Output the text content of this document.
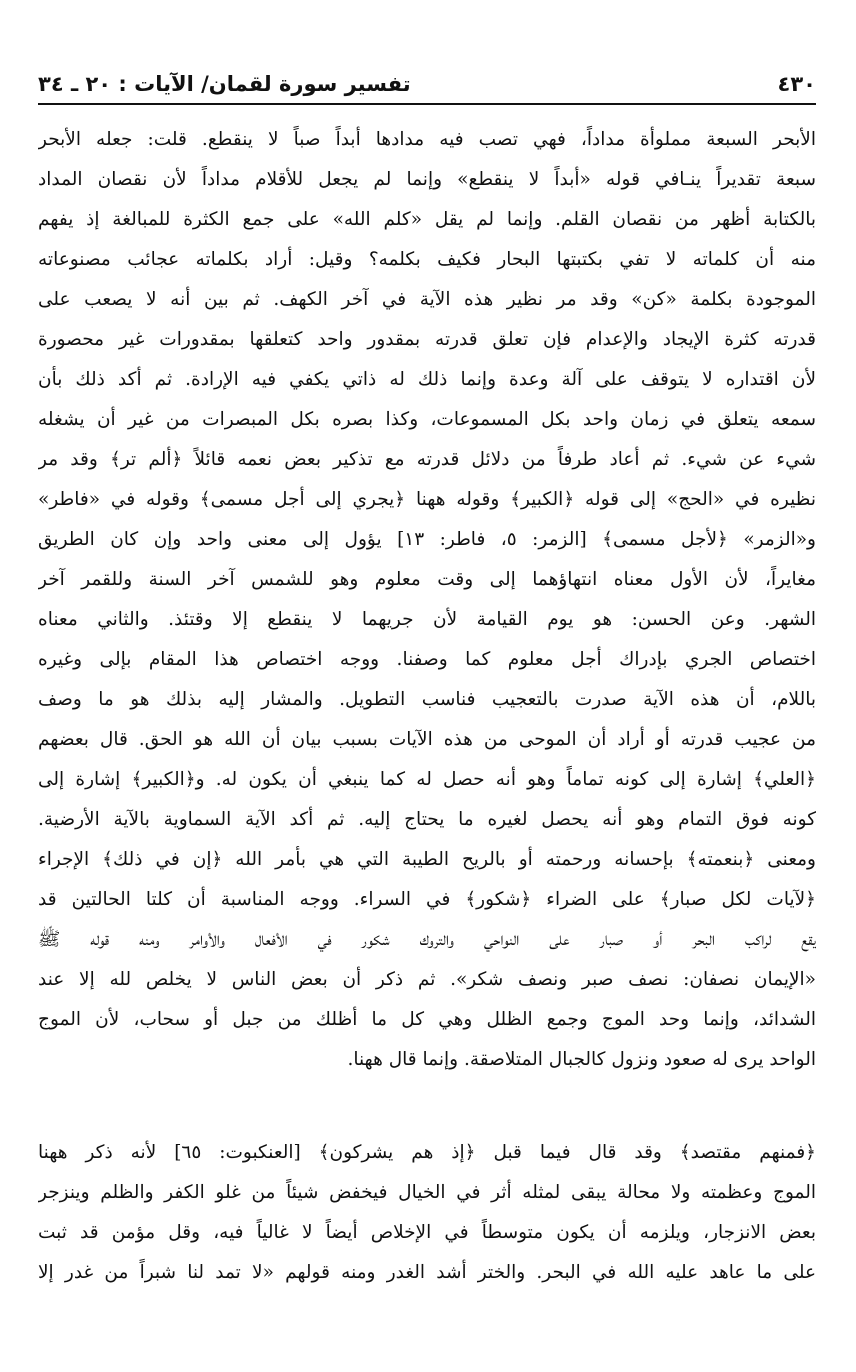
٤٣٠
تفسير سورة لقمان/ الآيات : ٢٠ ـ ٣٤
الأبحر السبعة مملوأة مداداً، فهي تصب فيه مدادها أبداً صباً لا ينقطع. قلت: جعله الأبحر
سبعة تقديراً ينـافي قوله «أبداً لا ينقطع» وإنما لم يجعل للأقلام مداداً لأن نقصان المداد
بالكتابة أظهر من نقصان القلم. وإنما لم يقل «كلم الله» على جمع الكثرة للمبالغة إذ يفهم
منه أن كلماته لا تفي بكتبتها البحار فكيف بكلمه؟ وقيل: أراد بكلماته عجائب مصنوعاته
الموجودة بكلمة «كن» وقد مر نظير هذه الآية في آخر الكهف. ثم بين أنه لا يصعب على
قدرته كثرة الإيجاد والإعدام فإن تعلق قدرته بمقدور واحد كتعلقها بمقدورات غير محصورة
لأن اقتداره لا يتوقف على آلة وعدة وإنما ذلك له ذاتي يكفي فيه الإرادة. ثم أكد ذلك بأن
سمعه يتعلق في زمان واحد بكل المسموعات، وكذا بصره بكل المبصرات من غير أن يشغله
شيء عن شيء. ثم أعاد طرفاً من دلائل قدرته مع تذكير بعض نعمه قائلاً ﴿ألم تر﴾ وقد مر
نظيره في «الحج» إلى قوله ﴿الكبير﴾ وقوله ههنا ﴿يجري إلى أجل مسمى﴾ وقوله في «فاطر»
و«الزمر» ﴿لأجل مسمى﴾ [الزمر: ٥، فاطر: ١٣] يؤول إلى معنى واحد وإن كان الطريق
مغايراً، لأن الأول معناه انتهاؤهما إلى وقت معلوم وهو للشمس آخر السنة وللقمر آخر
الشهر. وعن الحسن: هو يوم القيامة لأن جريهما لا ينقطع إلا وقتئذ. والثاني معناه
اختصاص الجري بإدراك أجل معلوم كما وصفنا. ووجه اختصاص هذا المقام بإلى وغيره
باللام، أن هذه الآية صدرت بالتعجيب فناسب التطويل. والمشار إليه بذلك هو ما وصف
من عجيب قدرته أو أراد أن الموحى من هذه الآيات بسبب بيان أن الله هو الحق. قال بعضهم
﴿العلي﴾ إشارة إلى كونه تماماً وهو أنه حصل له كما ينبغي أن يكون له. و﴿الكبير﴾ إشارة إلى
كونه فوق التمام وهو أنه يحصل لغيره ما يحتاج إليه. ثم أكد الآية السماوية بالآية الأرضية.
ومعنى ﴿بنعمته﴾ بإحسانه ورحمته أو بالريح الطيبة التي هي بأمر الله ﴿إن في ذلك﴾ الإجراء
﴿لآيات لكل صبار﴾ على الضراء ﴿شكور﴾ في السراء. ووجه المناسبة أن كلتا الحالتين قد
يقع لراكب البحر أو صبار على النواحي والتروك شكور في الأفعال والأوامر ومنه قوله ﷺ
«الإيمان نصفان: نصف صبر ونصف شكر». ثم ذكر أن بعض الناس لا يخلص لله إلا عند
الشدائد، وإنما وحد الموج وجمع الظلل وهي كل ما أظلك من جبل أو سحاب، لأن الموج
الواحد يرى له صعود ونزول كالجبال المتلاصقة. وإنما قال ههنا.
﴿فمنهم مقتصد﴾ وقد قال فيما قبل ﴿إذ هم يشركون﴾ [العنكبوت: ٦٥] لأنه ذكر ههنا
الموج وعظمته ولا محالة يبقى لمثله أثر في الخيال فيخفض شيئاً من غلو الكفر والظلم وينزجر
بعض الانزجار، ويلزمه أن يكون متوسطاً في الإخلاص أيضاً لا غالياً فيه، وقل مؤمن قد ثبت
على ما عاهد عليه الله في البحر. والختر أشد الغدر ومنه قولهم «لا تمد لنا شبراً من غدر إلا
